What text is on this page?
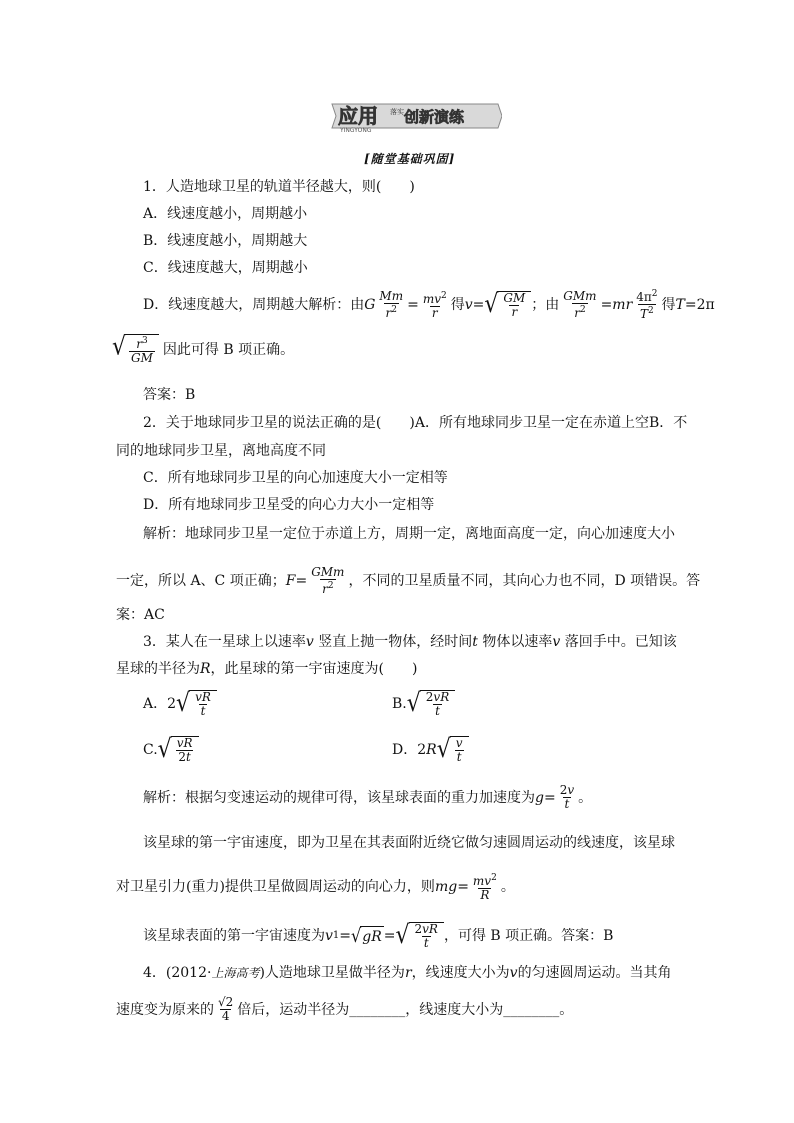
应用 落实 创新演练
YINGYONG
[随堂基础巩固]
1．人造地球卫星的轨道半径越大，则(　　)
A．线速度越小，周期越小
B．线速度越小，周期越大
C．线速度越大，周期越小
D．线速度越大，周期越大解析：由 G $\frac{Mm}{r^2} = \frac{mv^2}{r}$ 得 v = √ $\frac{GM}{r}$ ；由 $\frac{\text{GMm}}{r^2}$ = mr $\frac{4\pi^2}{T^2}$ 得 T =2π
√ $\frac{r^3}{GM}$ 因此可得 B 项正确。
答案：B
2．关于地球同步卫星的说法正确的是(　　)A．所有地球同步卫星一定在赤道上空B．不
同的地球同步卫星，离地高度不同
C．所有地球同步卫星的向心加速度大小一定相等
D．所有地球同步卫星受的向心力大小一定相等
解析：地球同步卫星一定位于赤道上方，周期一定，离地面高度一定，向心加速度大小
一定，所以 A、C 项正确； $F = \frac{\text{GMm}}{r^2}$ ，不同的卫星质量不同，其向心力也不同，D 项错误。答
案：AC
3．某人在一星球上以速率v 竖直上抛一物体，经时间t 物体以速率v 落回手中。已知该
星球的半径为R，此星球的第一宇宙速度为(　　)
A．2 √ $\frac{vR}{t}$	B. √ $\frac{2vR}{t}$
C. √ $\frac{vR}{2t}$	D．2 R √ $\frac{v}{t}$
解析：根据匀变速运动的规律可得，该星球表面的重力加速度为 $g = \frac{2v}{t}$ 。
该星球的第一宇宙速度，即为卫星在其表面附近绕它做匀速圆周运动的线速度，该星球
对卫星引力(重力)提供卫星做圆周运动的向心力，则 mg = $\frac{mv^2}{R}$ 。
该星球表面的第一宇宙速度为 v 1 = √ gR = √ $\frac{2vR}{t}$ ，可得 B 项正确。答案：B
4．(2012·上海高考)人造地球卫星做半径为r，线速度大小为v的匀速圆周运动。当其角
速度变为原来的 $\frac{√2}{4}$ 倍后，运动半径为________，线速度大小为________。
